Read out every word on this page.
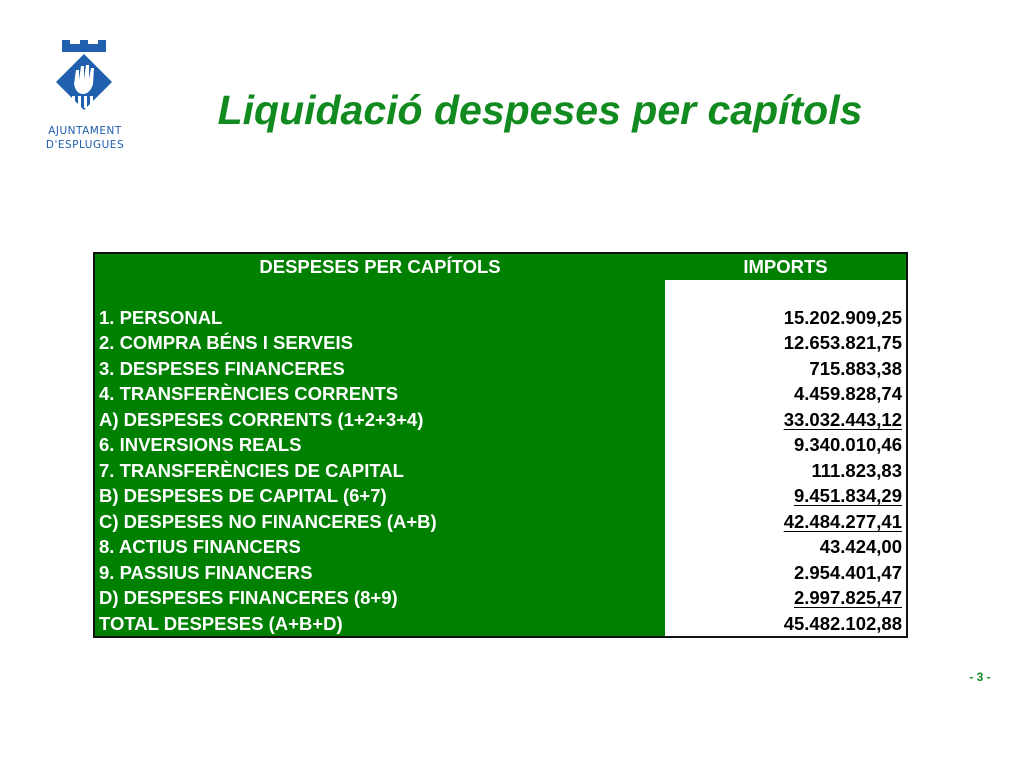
AJUNTAMENT
D'ESPLUGUES
Liquidació despeses per capítols
DESPESES PER CAPÍTOLS	IMPORTS

1. PERSONAL	15.202.909,25
2. COMPRA BÉNS I SERVEIS	12.653.821,75
3. DESPESES FINANCERES	715.883,38
4. TRANSFERÈNCIES CORRENTS	4.459.828,74
A) DESPESES CORRENTS (1+2+3+4)	33.032.443,12
6. INVERSIONS REALS	9.340.010,46
7. TRANSFERÈNCIES DE CAPITAL	111.823,83
B) DESPESES DE CAPITAL (6+7)	9.451.834,29
C) DESPESES NO FINANCERES (A+B)	42.484.277,41
8. ACTIUS FINANCERS	43.424,00
9. PASSIUS FINANCERS	2.954.401,47
D) DESPESES FINANCERES (8+9)	2.997.825,47
TOTAL DESPESES (A+B+D)	45.482.102,88
- 3 -
